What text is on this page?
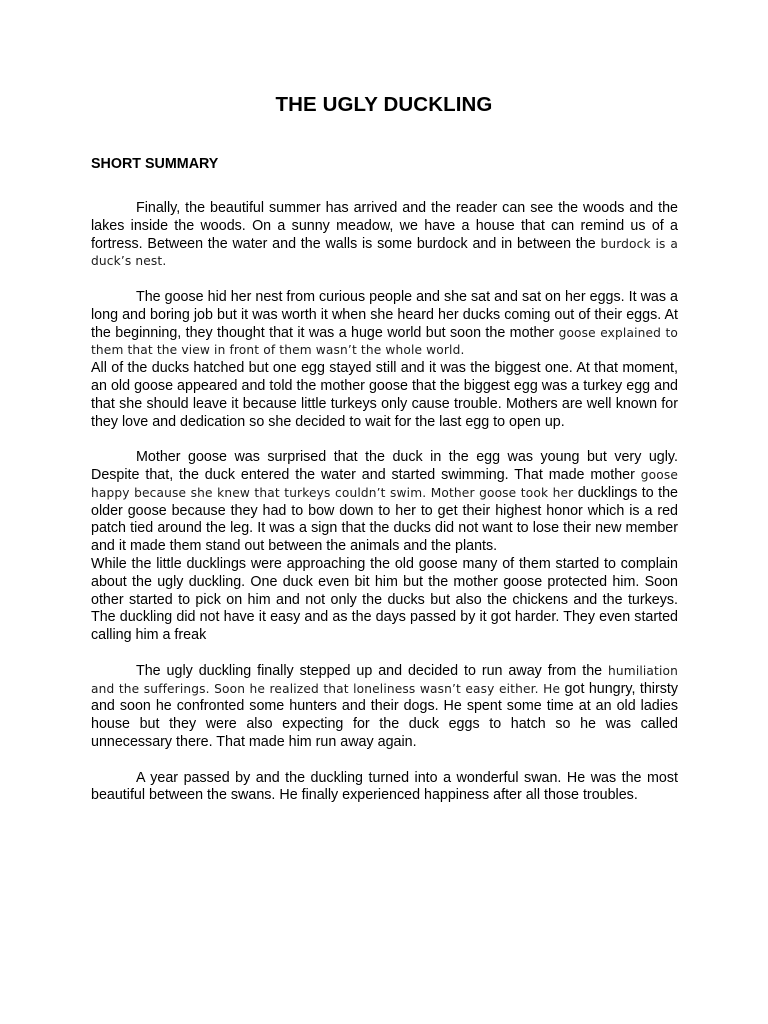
THE UGLY DUCKLING
SHORT SUMMARY

Finally, the beautiful summer has arrived and the reader can see the woods and the lakes inside the woods. On a sunny meadow, we have a house that can remind us of a fortress. Between the water and the walls is some burdock and in between the burdock is a duck’s nest.

The goose hid her nest from curious people and she sat and sat on her eggs. It was a long and boring job but it was worth it when she heard her ducks coming out of their eggs. At the beginning, they thought that it was a huge world but soon the mother goose explained to them that the view in front of them wasn’t the whole world.

All of the ducks hatched but one egg stayed still and it was the biggest one. At that moment, an old goose appeared and told the mother goose that the biggest egg was a turkey egg and that she should leave it because little turkeys only cause trouble. Mothers are well known for they love and dedication so she decided to wait for the last egg to open up.

Mother goose was surprised that the duck in the egg was young but very ugly. Despite that, the duck entered the water and started swimming. That made mother goose happy because she knew that turkeys couldn’t swim. Mother goose took her ducklings to the older goose because they had to bow down to her to get their highest honor which is a red patch tied around the leg. It was a sign that the ducks did not want to lose their new member and it made them stand out between the animals and the plants.

While the little ducklings were approaching the old goose many of them started to complain about the ugly duckling. One duck even bit him but the mother goose protected him. Soon other started to pick on him and not only the ducks but also the chickens and the turkeys. The duckling did not have it easy and as the days passed by it got harder. They even started calling him a freak

The ugly duckling finally stepped up and decided to run away from the humiliation and the sufferings. Soon he realized that loneliness wasn’t easy either. He got hungry, thirsty and soon he confronted some hunters and their dogs. He spent some time at an old ladies house but they were also expecting for the duck eggs to hatch so he was called unnecessary there. That made him run away again.

A year passed by and the duckling turned into a wonderful swan. He was the most beautiful between the swans. He finally experienced happiness after all those troubles.
